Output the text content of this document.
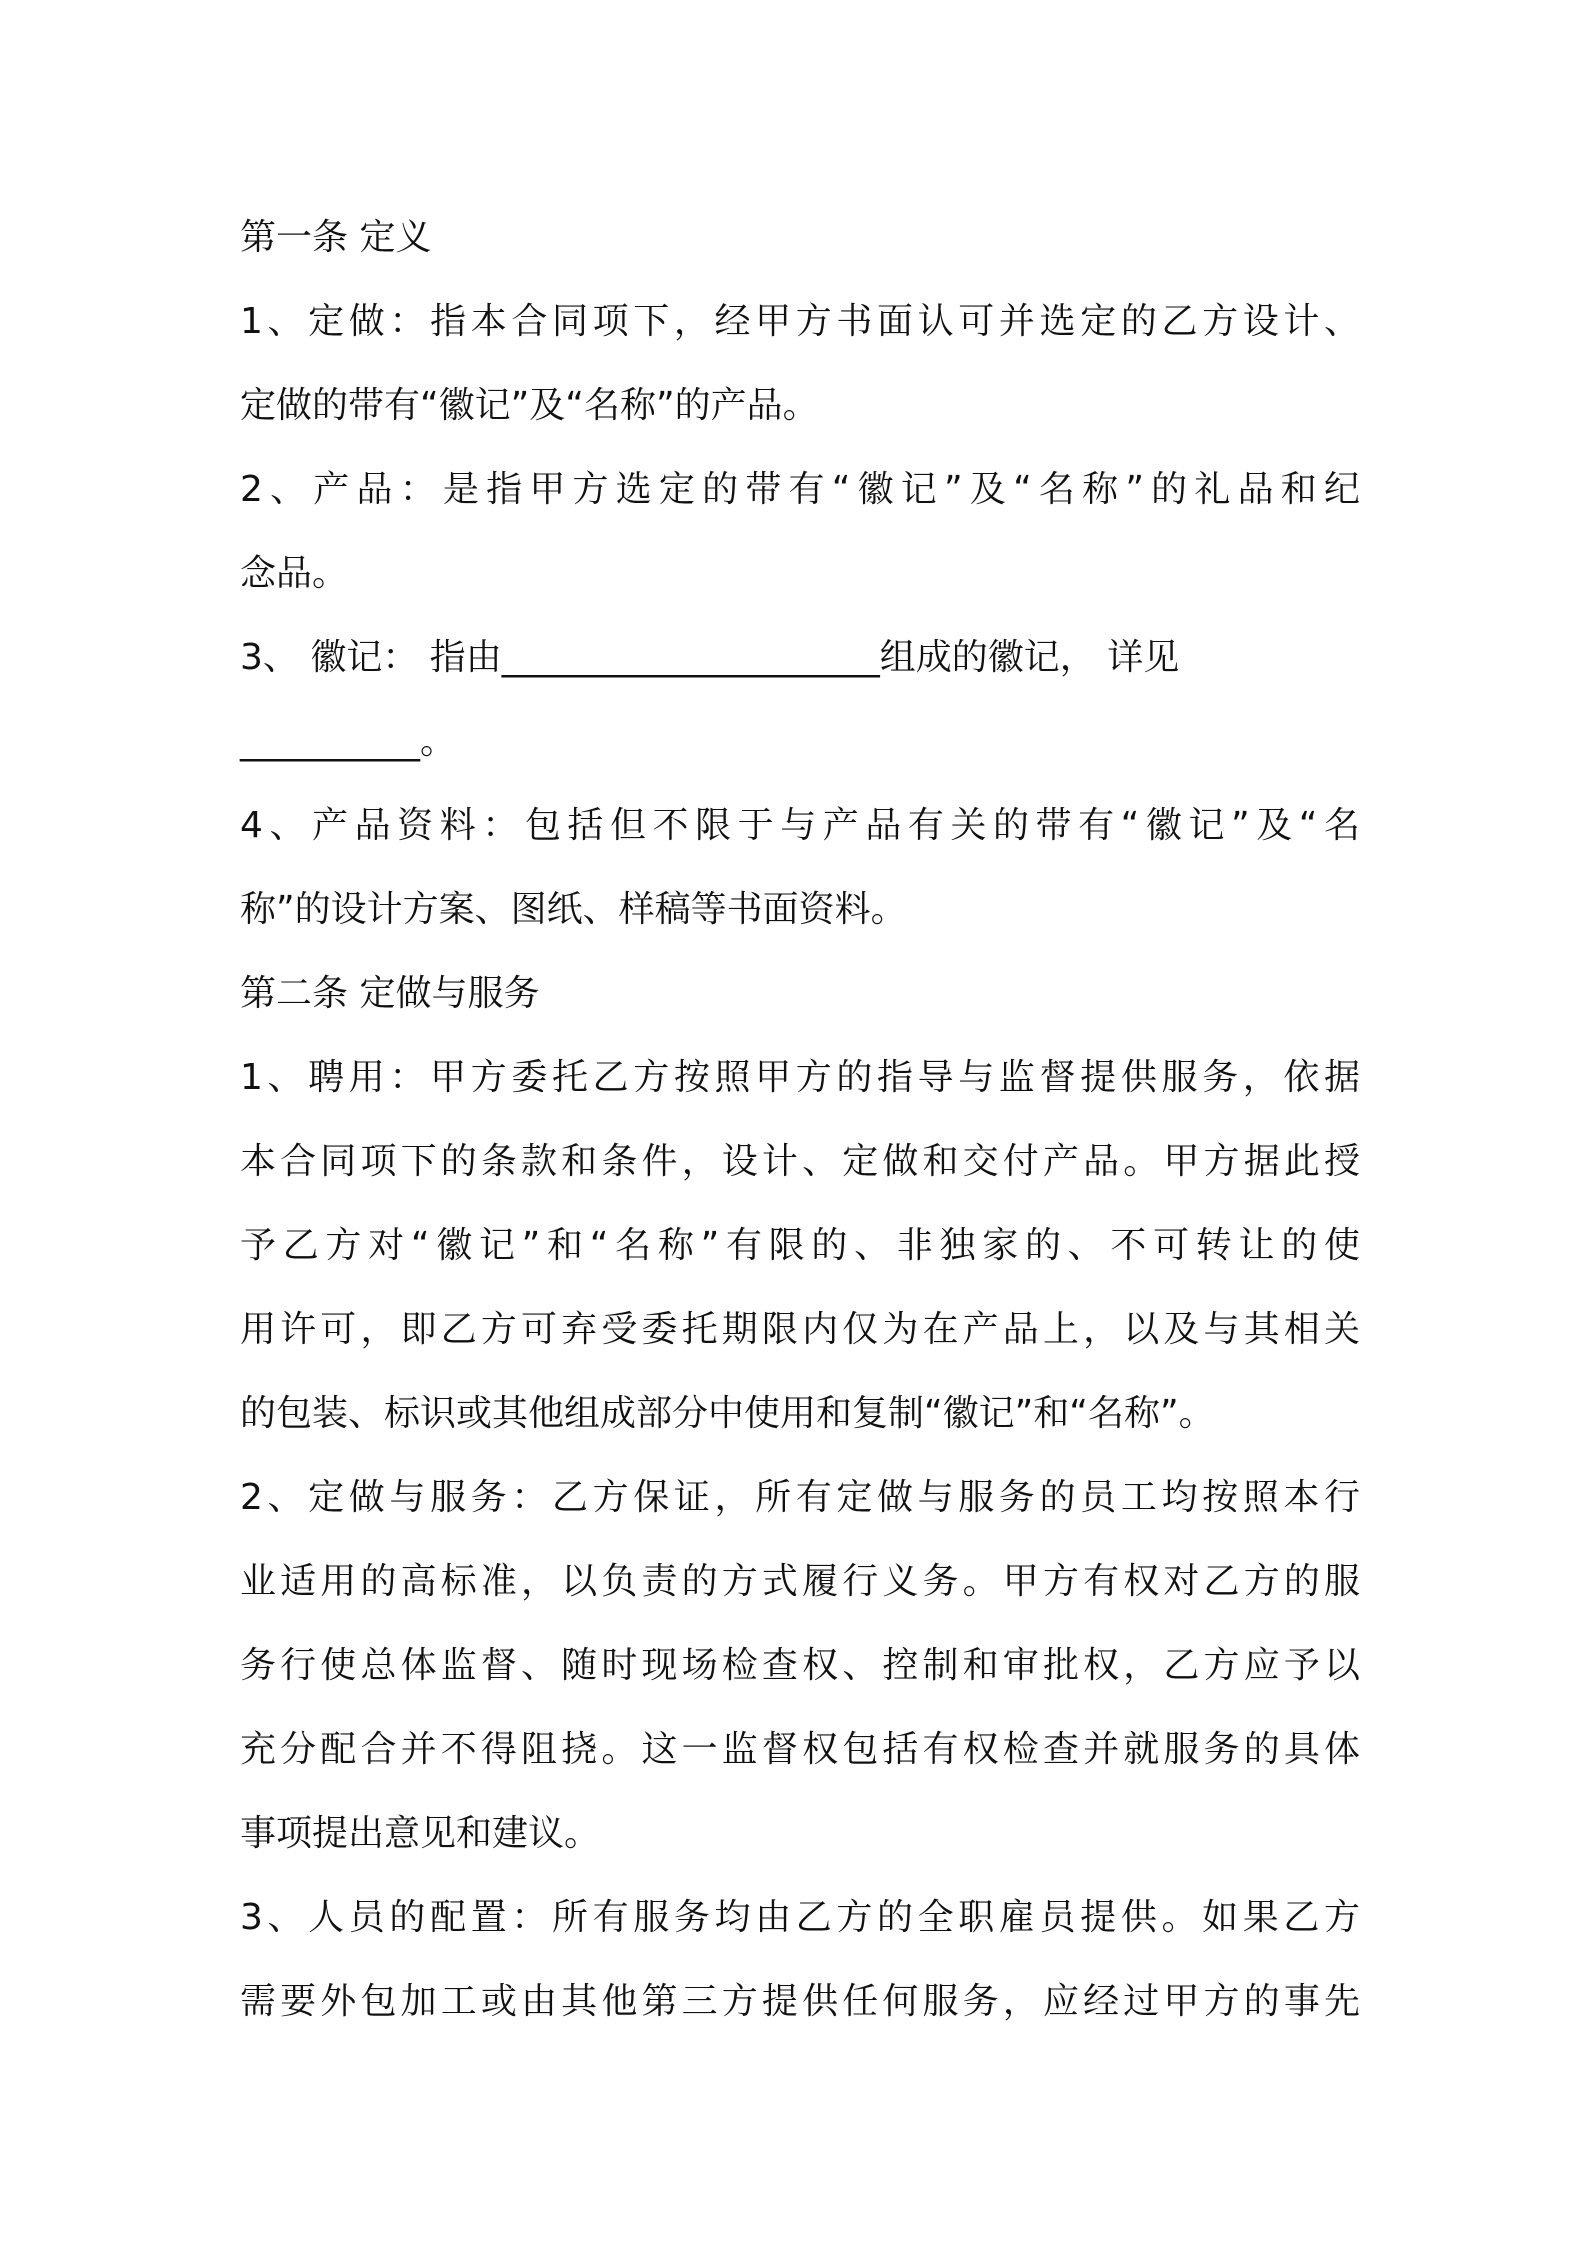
第一条 定义
1、定做：指本合同项下，经甲方书面认可并选定的乙方设计、
定做的带有“徽记”及“名称”的产品。
2、产品：是指甲方选定的带有“徽记”及“名称”的礼品和纪
念品。
3、 徽记： 指由_____________________组成的徽记， 详见
__________。
4、产品资料：包括但不限于与产品有关的带有“徽记”及“名
称”的设计方案、图纸、样稿等书面资料。
第二条 定做与服务
1、聘用：甲方委托乙方按照甲方的指导与监督提供服务，依据
本合同项下的条款和条件，设计、定做和交付产品。甲方据此授
予乙方对“徽记”和“名称”有限的、非独家的、不可转让的使
用许可，即乙方可弃受委托期限内仅为在产品上，以及与其相关
的包装、标识或其他组成部分中使用和复制“徽记”和“名称”。
2、定做与服务：乙方保证，所有定做与服务的员工均按照本行
业适用的高标准，以负责的方式履行义务。甲方有权对乙方的服
务行使总体监督、随时现场检查权、控制和审批权，乙方应予以
充分配合并不得阻挠。这一监督权包括有权检查并就服务的具体
事项提出意见和建议。
3、人员的配置：所有服务均由乙方的全职雇员提供。如果乙方
需要外包加工或由其他第三方提供任何服务，应经过甲方的事先
